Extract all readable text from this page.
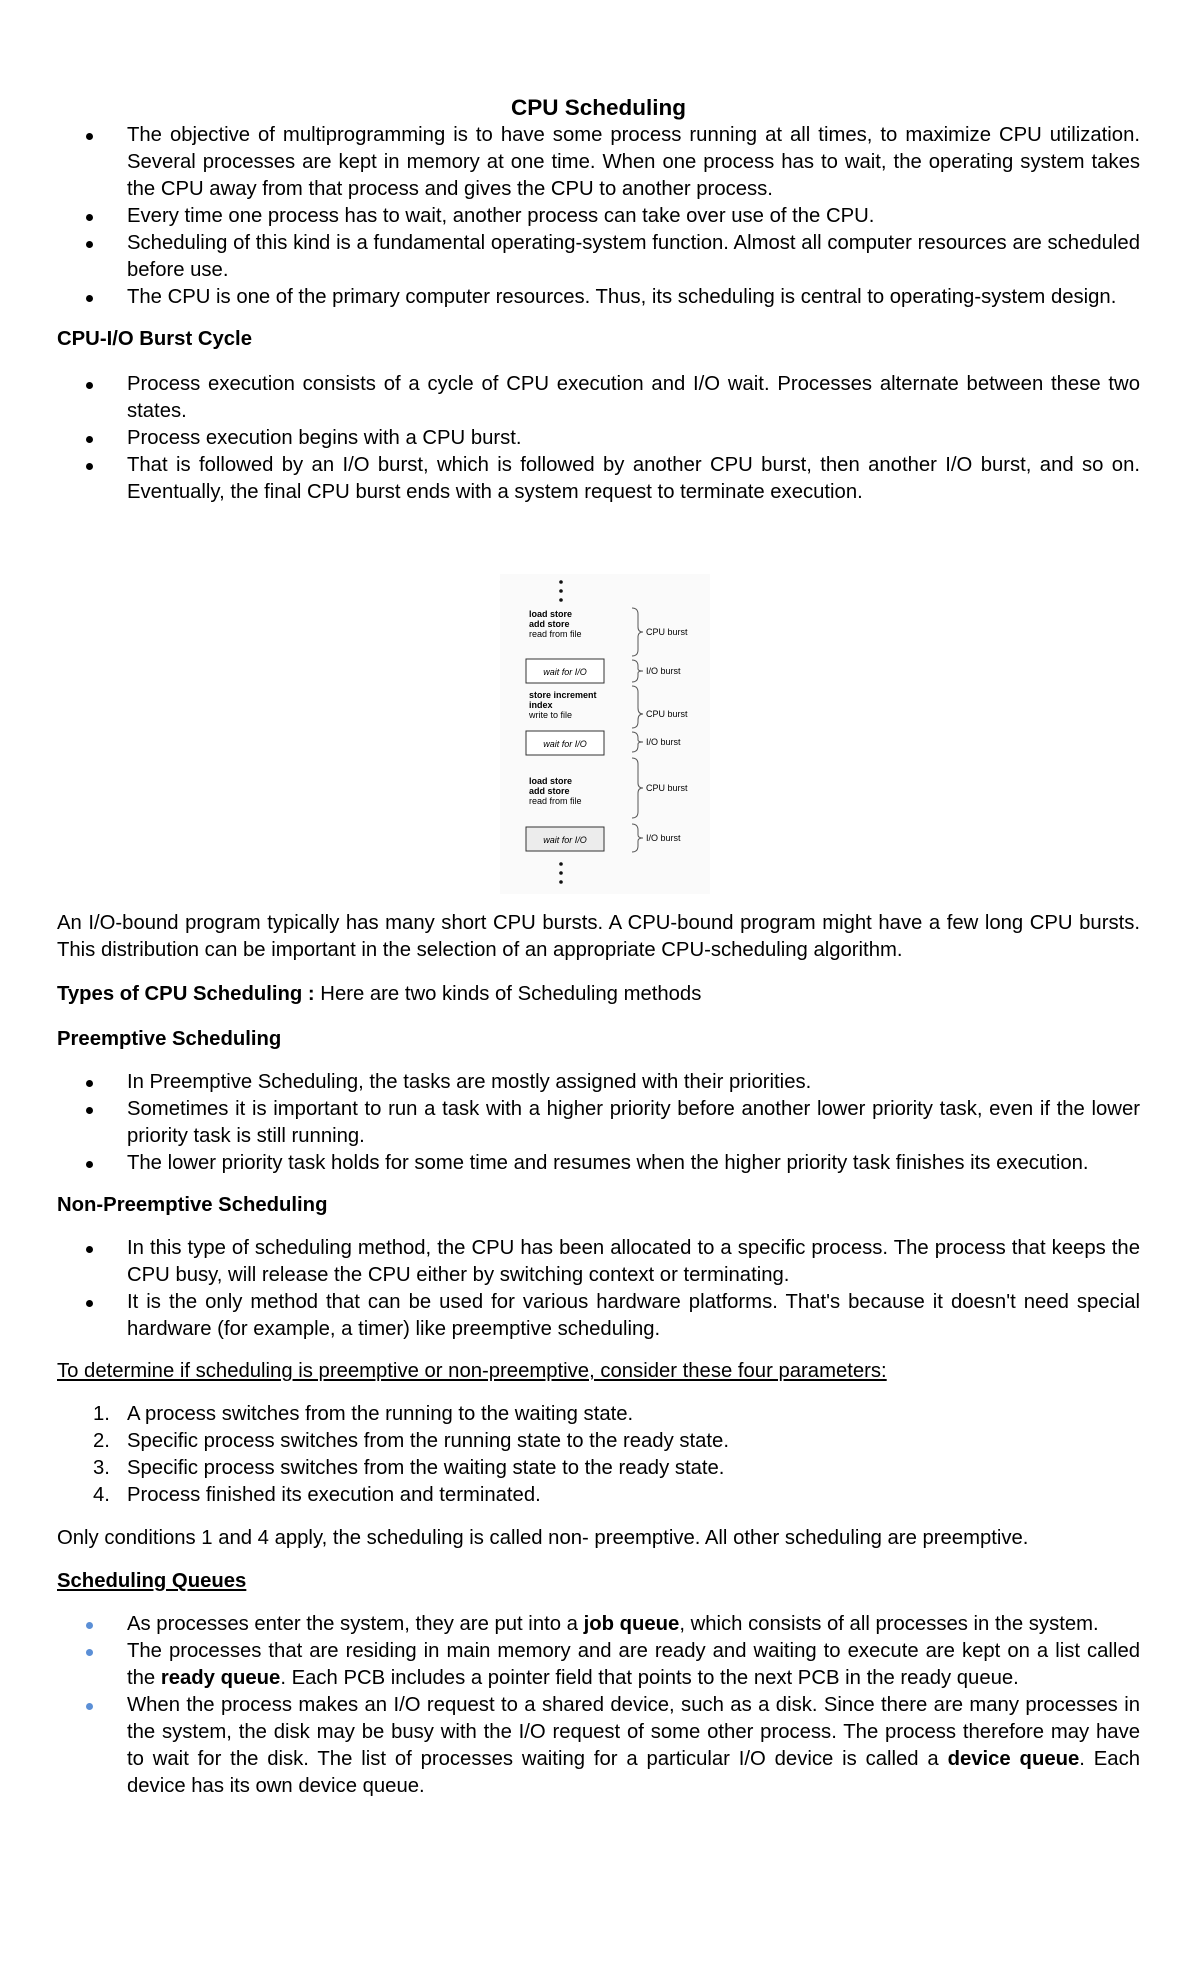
CPU Scheduling
The objective of multiprogramming is to have some process running at all times, to maximize CPU utilization. Several processes are kept in memory at one time. When one process has to wait, the operating system takes the CPU away from that process and gives the CPU to another process.
Every time one process has to wait, another process can take over use of the CPU.
Scheduling of this kind is a fundamental operating-system function. Almost all computer resources are scheduled before use.
The CPU is one of the primary computer resources. Thus, its scheduling is central to operating-system design.

CPU-I/O Burst Cycle

Process execution consists of a cycle of CPU execution and I/O wait. Processes alternate between these two states.
Process execution begins with a CPU burst.
That is followed by an I/O burst, which is followed by another CPU burst, then another I/O burst, and so on. Eventually, the final CPU burst ends with a system request to terminate execution.
load store
add store
read from file
wait for I/O
store increment
index
write to file
wait for I/O
load store
add store
read from file
wait for I/O
CPU burst
I/O burst
CPU burst
I/O burst
CPU burst
I/O burst

An I/O-bound program typically has many short CPU bursts. A CPU-bound program might have a few long CPU bursts. This distribution can be important in the selection of an appropriate CPU-scheduling algorithm.

Types of CPU Scheduling : Here are two kinds of Scheduling methods

Preemptive Scheduling

In Preemptive Scheduling, the tasks are mostly assigned with their priorities.
Sometimes it is important to run a task with a higher priority before another lower priority task, even if the lower priority task is still running.
The lower priority task holds for some time and resumes when the higher priority task finishes its execution.

Non-Preemptive Scheduling

In this type of scheduling method, the CPU has been allocated to a specific process. The process that keeps the CPU busy, will release the CPU either by switching context or terminating.
It is the only method that can be used for various hardware platforms. That's because it doesn't need special hardware (for example, a timer) like preemptive scheduling.

To determine if scheduling is preemptive or non-preemptive, consider these four parameters:

1. A process switches from the running to the waiting state.
2. Specific process switches from the running state to the ready state.
3. Specific process switches from the waiting state to the ready state.
4. Process finished its execution and terminated.

Only conditions 1 and 4 apply, the scheduling is called non- preemptive. All other scheduling are preemptive.

Scheduling Queues

As processes enter the system, they are put into a job queue, which consists of all processes in the system.
The processes that are residing in main memory and are ready and waiting to execute are kept on a list called the ready queue. Each PCB includes a pointer field that points to the next PCB in the ready queue.
When the process makes an I/O request to a shared device, such as a disk. Since there are many processes in the system, the disk may be busy with the I/O request of some other process. The process therefore may have to wait for the disk. The list of processes waiting for a particular I/O device is called a device queue. Each device has its own device queue.
